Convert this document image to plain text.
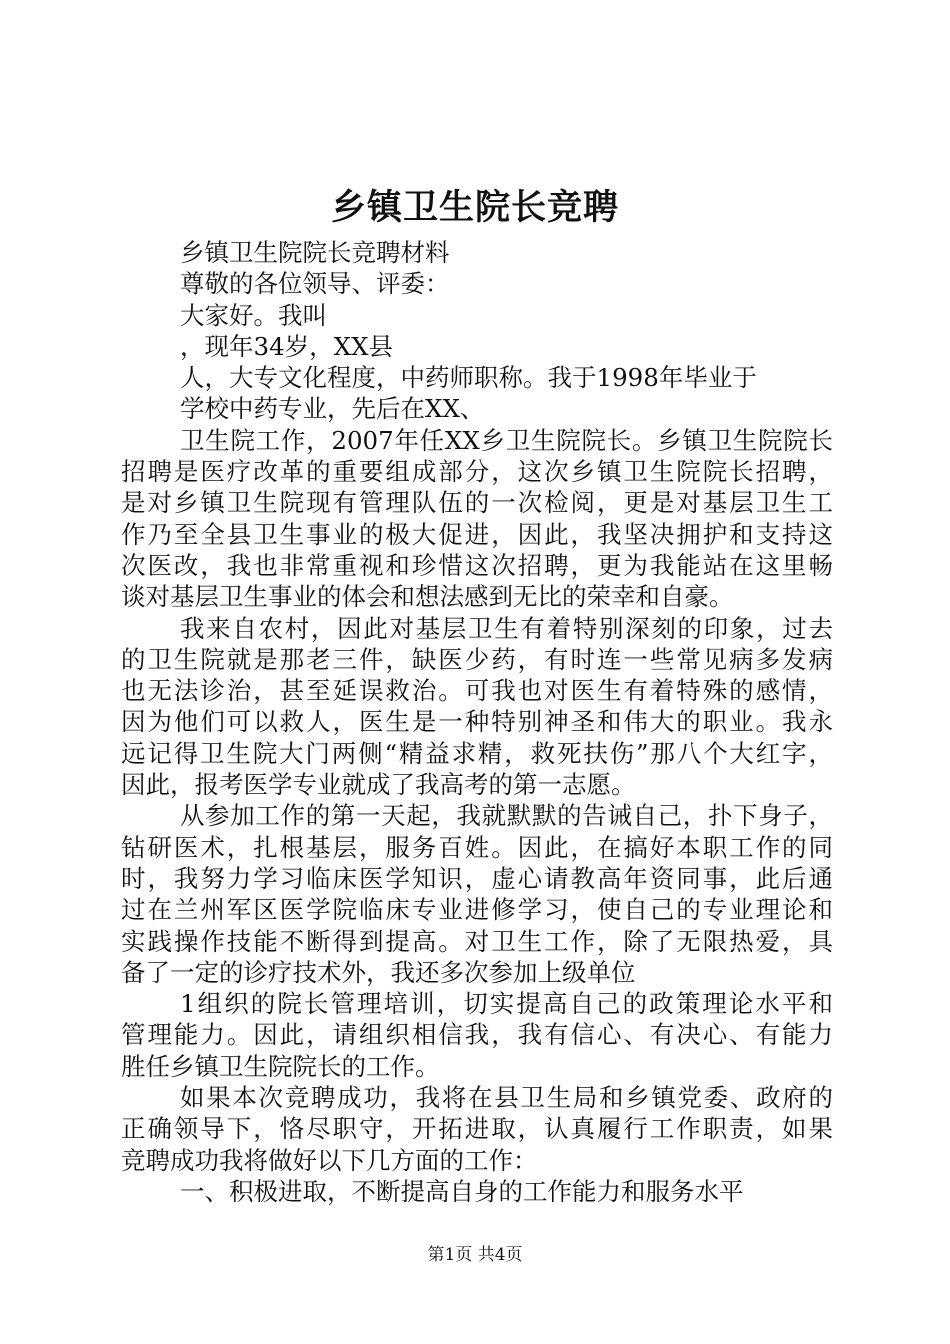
乡镇卫生院长竞聘
乡镇卫生院院长竞聘材料
尊敬的各位领导、评委：
大家好。我叫
，现年34岁，XX县
人，大专文化程度，中药师职称。我于1998年毕业于
学校中药专业，先后在XX、
卫生院工作，2007年任XX乡卫生院院长。乡镇卫生院院长
招聘是医疗改革的重要组成部分，这次乡镇卫生院院长招聘，
是对乡镇卫生院现有管理队伍的一次检阅，更是对基层卫生工
作乃至全县卫生事业的极大促进，因此，我坚决拥护和支持这
次医改，我也非常重视和珍惜这次招聘，更为我能站在这里畅
谈对基层卫生事业的体会和想法感到无比的荣幸和自豪。
我来自农村，因此对基层卫生有着特别深刻的印象，过去
的卫生院就是那老三件，缺医少药，有时连一些常见病多发病
也无法诊治，甚至延误救治。可我也对医生有着特殊的感情，
因为他们可以救人，医生是一种特别神圣和伟大的职业。我永
远记得卫生院大门两侧“精益求精，救死扶伤”那八个大红字，
因此，报考医学专业就成了我高考的第一志愿。
从参加工作的第一天起，我就默默的告诫自己，扑下身子，
钻研医术，扎根基层，服务百姓。因此，在搞好本职工作的同
时，我努力学习临床医学知识，虚心请教高年资同事，此后通
过在兰州军区医学院临床专业进修学习，使自己的专业理论和
实践操作技能不断得到提高。对卫生工作，除了无限热爱，具
备了一定的诊疗技术外，我还多次参加上级单位
1组织的院长管理培训，切实提高自己的政策理论水平和
管理能力。因此，请组织相信我，我有信心、有决心、有能力
胜任乡镇卫生院院长的工作。
如果本次竞聘成功，我将在县卫生局和乡镇党委、政府的
正确领导下，恪尽职守，开拓进取，认真履行工作职责，如果
竞聘成功我将做好以下几方面的工作：
一、积极进取，不断提高自身的工作能力和服务水平
第1页 共4页
